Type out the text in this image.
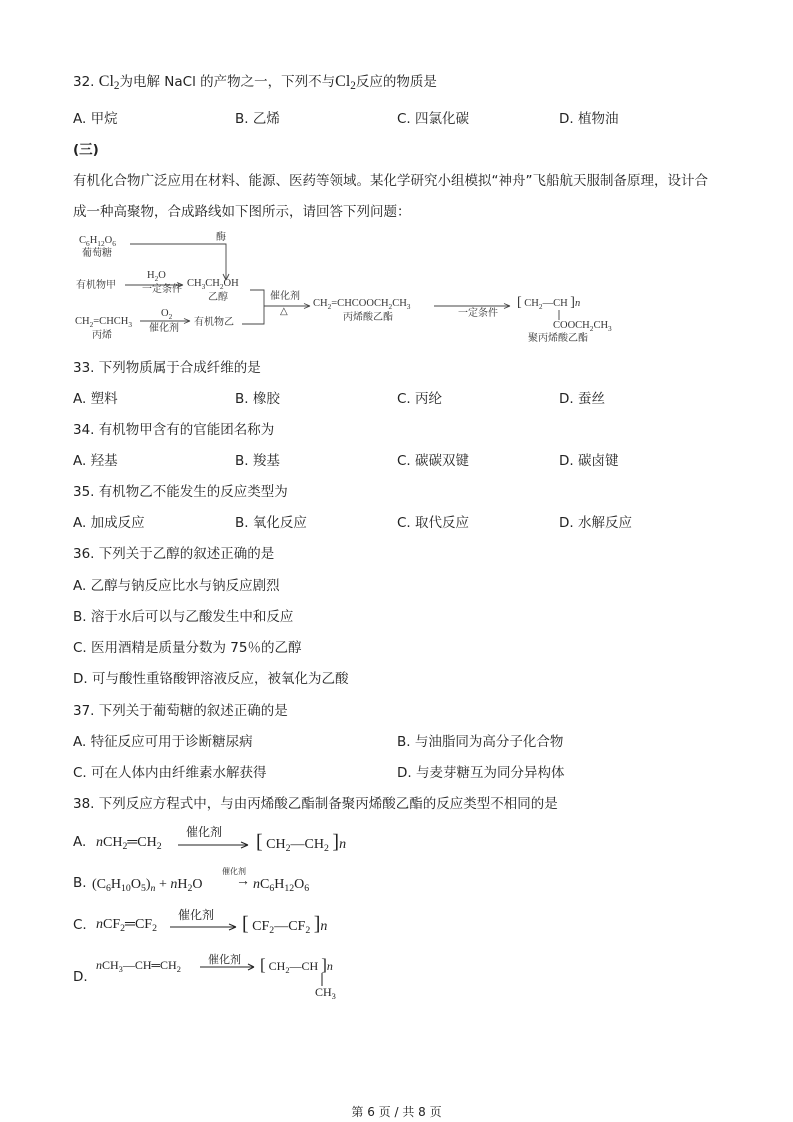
32. $Cl_2$为电解 NaCl 的产物之一，下列不与$Cl_2$反应的物质是
A. 甲烷	B. 乙烯	C. 四氯化碳	D. 植物油
(三)
有机化合物广泛应用在材料、能源、医药等领域。某化学研究小组模拟“神舟”飞船航天服制备原理，设计合
成一种高聚物，合成路线如下图所示，请回答下列问题：
$C_6H_{12}O_6$
葡萄糖
酶
有机物甲
$H_2O$
一定条件
$CH_3CH_2OH$
乙醇
$CH_2=CHCH_3$
丙烯
$O_2$
催化剂
有机物乙
催化剂
△
$CH_2=CHCOOCH_2CH_3$
丙烯酸乙酯	一定条件
[ $CH_2—CH$ ]n
$COOCH_2CH_3$
聚丙烯酸乙酯
33. 下列物质属于合成纤维的是
A. 塑料	B. 橡胶	C. 丙纶	D. 蚕丝
34. 有机物甲含有的官能团名称为
A. 羟基	B. 羧基	C. 碳碳双键	D. 碳卤键
35. 有机物乙不能发生的反应类型为
A. 加成反应	B. 氧化反应	C. 取代反应	D. 水解反应
36. 下列关于乙醇的叙述正确的是
A. 乙醇与钠反应比水与钠反应剧烈
B. 溶于水后可以与乙酸发生中和反应
C. 医用酒精是质量分数为 75％的乙醇
D. 可与酸性重铬酸钾溶液反应，被氧化为乙酸
37. 下列关于葡萄糖的叙述正确的是
A. 特征反应可用于诊断糖尿病	B. 与油脂同为高分子化合物
C. 可在人体内由纤维素水解获得	D. 与麦芽糖互为同分异构体
38. 下列反应方程式中，与由丙烯酸乙酯制备聚丙烯酸乙酯的反应类型不相同的是
A. $nCH_2═CH_2$
催化剂 [ $CH_2—CH_2$ ]n
B. $(C_6H_{10}O_5)_n + nH_2O$
催化剂
→ $nC_6H_{12}O_6$
C. $nCF_2═CF_2$
催化剂 [ $CF_2—CF_2$ ]n
D.
$nCH_3—CH═CH_2$
催化剂 [ $CH_2—CH$ ]n
$CH_3$
第 6 页 / 共 8 页
